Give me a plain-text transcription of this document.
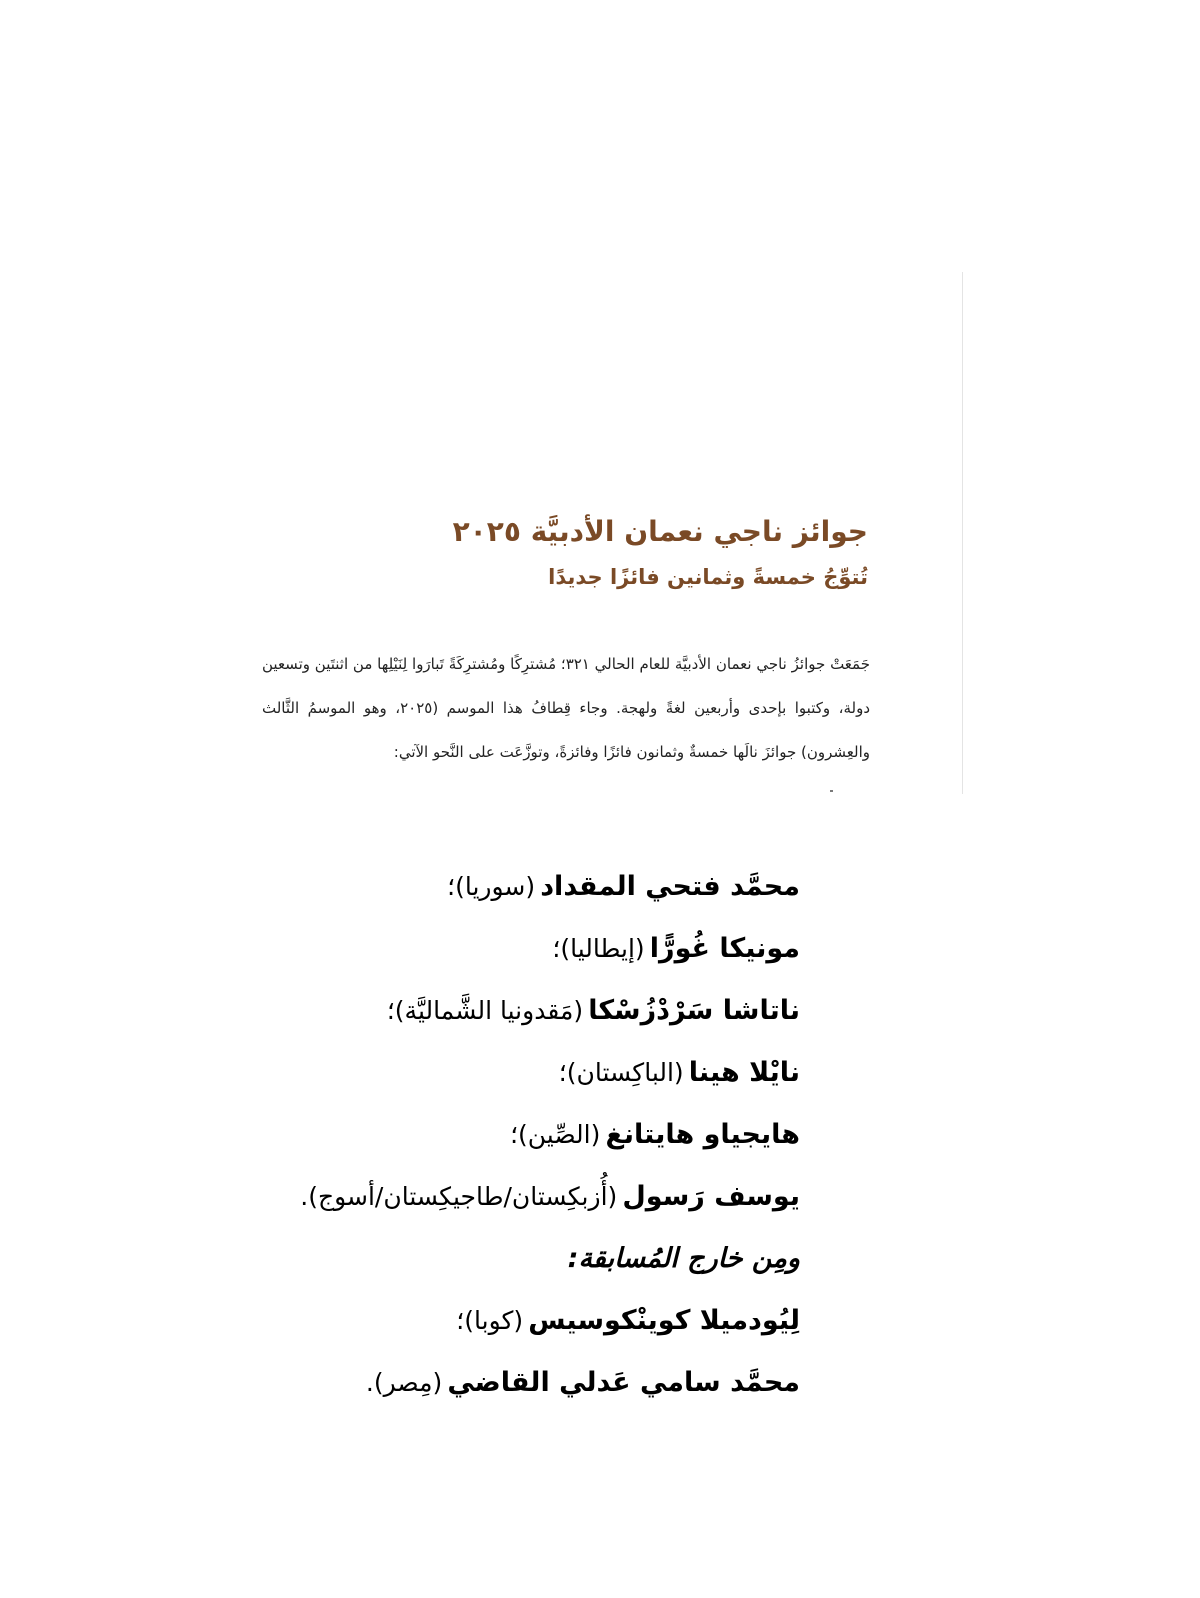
جوائز ناجي نعمان الأدبيَّة ٢٠٢٥
تُتوِّجُ خمسةً وثمانين فائزًا جديدًا

جَمَعَتْ جوائزُ ناجي نعمان الأدبيَّة للعام الحالي ٣٢١؛ مُشترِكًا ومُشترِكَةً تَبارَوا لِنَيْلِها من اثنتَين وتسعين دولة، وكتبوا بإحدى وأربعين لغةً ولهجة. وجاء قِطافُ هذا الموسم (٢٠٢٥، وهو الموسمُ الثَّالث والعِشرون) جوائزَ نالَها خمسةٌ وثمانون فائزًا وفائزةً، وتوزَّعَت على النَّحو الآتي:

محمَّد فتحي المقداد (سوريا)؛
مونيكا غُورًّا (إيطاليا)؛
ناتاشا سَرْدْزُسْكا (مَقدونيا الشَّماليَّة)؛
نايْلا هينا (الباكِستان)؛
هايجياو هايتانغ (الصِّين)؛
يوسف رَسول (أُزبكِستان/طاجيكِستان/أسوج).
ومِن خارج المُسابقة:
لِيُودميلا كوينْكوسيس (كوبا)؛
محمَّد سامي عَدلي القاضي (مِصر).
